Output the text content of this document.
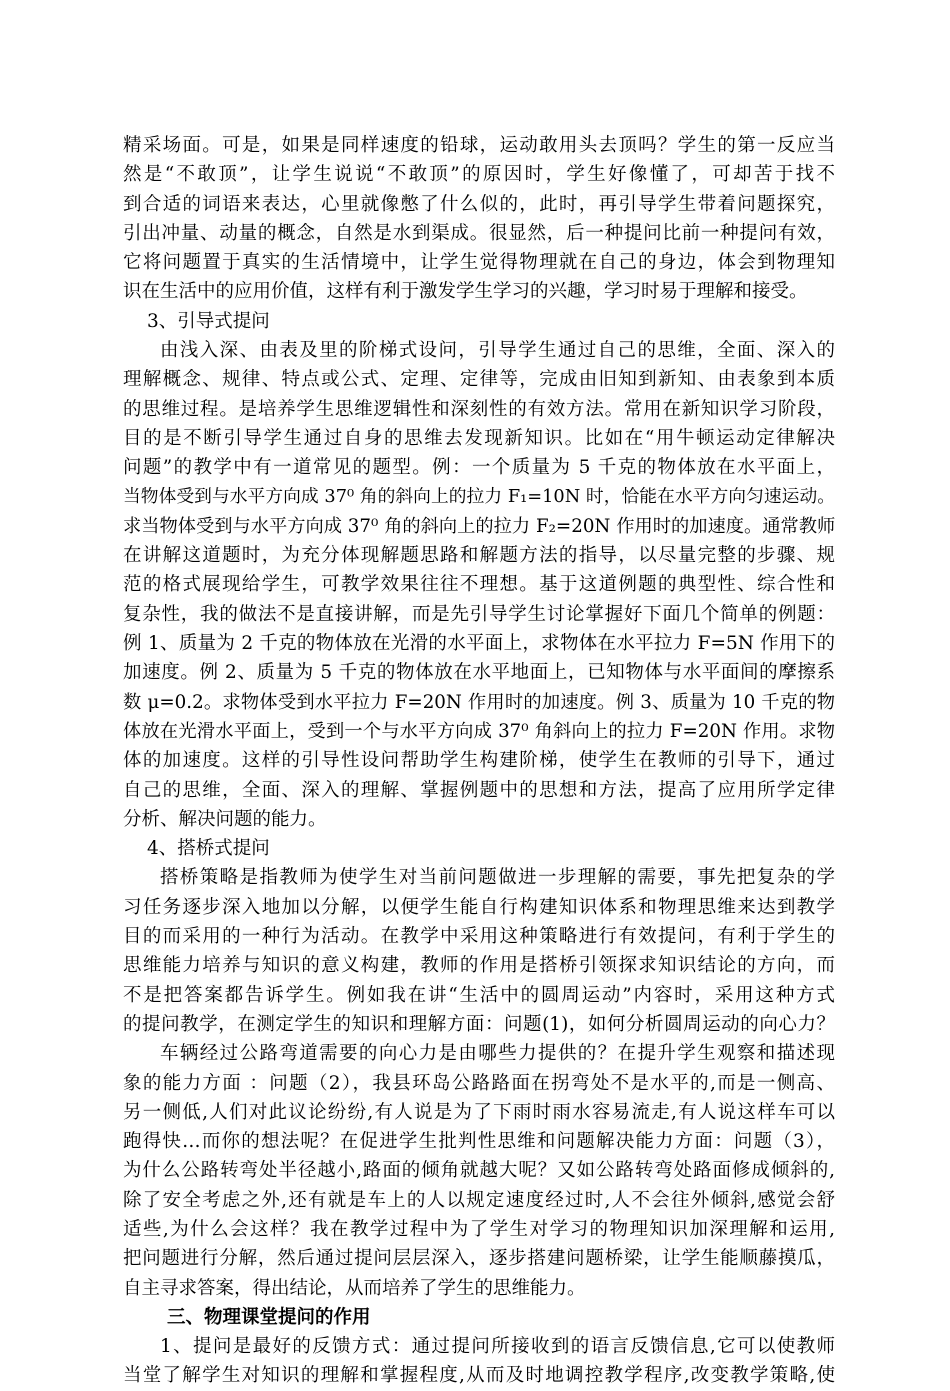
精采场面。可是，如果是同样速度的铅球，运动敢用头去顶吗？学生的第一反应当
然是“不敢顶”，让学生说说“不敢顶”的原因时，学生好像懂了，可却苦于找不
到合适的词语来表达，心里就像憋了什么似的，此时，再引导学生带着问题探究，
引出冲量、动量的概念，自然是水到渠成。很显然，后一种提问比前一种提问有效，
它将问题置于真实的生活情境中，让学生觉得物理就在自己的身边，体会到物理知
识在生活中的应用价值，这样有利于激发学生学习的兴趣，学习时易于理解和接受。
3、引导式提问
由浅入深、由表及里的阶梯式设问，引导学生通过自己的思维，全面、深入的
理解概念、规律、特点或公式、定理、定律等，完成由旧知到新知、由表象到本质
的思维过程。是培养学生思维逻辑性和深刻性的有效方法。常用在新知识学习阶段，
目的是不断引导学生通过自身的思维去发现新知识。比如在“用牛顿运动定律解决
问题”的教学中有一道常见的题型。例：一个质量为 5 千克的物体放在水平面上，
当物体受到与水平方向成 37⁰ 角的斜向上的拉力 F₁=10N 时，恰能在水平方向匀速运动。
求当物体受到与水平方向成 37⁰ 角的斜向上的拉力 F₂=20N 作用时的加速度。通常教师
在讲解这道题时，为充分体现解题思路和解题方法的指导，以尽量完整的步骤、规
范的格式展现给学生，可教学效果往往不理想。基于这道例题的典型性、综合性和
复杂性，我的做法不是直接讲解，而是先引导学生讨论掌握好下面几个简单的例题：
例 1、质量为 2 千克的物体放在光滑的水平面上，求物体在水平拉力 F=5N 作用下的
加速度。例 2、质量为 5 千克的物体放在水平地面上，已知物体与水平面间的摩擦系
数 μ=0.2。求物体受到水平拉力 F=20N 作用时的加速度。例 3、质量为 10 千克的物
体放在光滑水平面上，受到一个与水平方向成 37⁰ 角斜向上的拉力 F=20N 作用。求物
体的加速度。这样的引导性设问帮助学生构建阶梯，使学生在教师的引导下，通过
自己的思维，全面、深入的理解、掌握例题中的思想和方法，提高了应用所学定律
分析、解决问题的能力。
4、搭桥式提问
搭桥策略是指教师为使学生对当前问题做进一步理解的需要，事先把复杂的学
习任务逐步深入地加以分解，以便学生能自行构建知识体系和物理思维来达到教学
目的而采用的一种行为活动。在教学中采用这种策略进行有效提问，有利于学生的
思维能力培养与知识的意义构建，教师的作用是搭桥引领探求知识结论的方向，而
不是把答案都告诉学生。例如我在讲“生活中的圆周运动”内容时，采用这种方式
的提问教学，在测定学生的知识和理解方面：问题(1)，如何分析圆周运动的向心力？
车辆经过公路弯道需要的向心力是由哪些力提供的？在提升学生观察和描述现
象的能力方面 ：问题（2），我县环岛公路路面在拐弯处不是水平的,而是一侧高、
另一侧低,人们对此议论纷纷,有人说是为了下雨时雨水容易流走,有人说这样车可以
跑得快…而你的想法呢？在促进学生批判性思维和问题解决能力方面：问题（3），
为什么公路转弯处半径越小,路面的倾角就越大呢？又如公路转弯处路面修成倾斜的,
除了安全考虑之外,还有就是车上的人以规定速度经过时,人不会往外倾斜,感觉会舒
适些,为什么会这样？我在教学过程中为了学生对学习的物理知识加深理解和运用,
把问题进行分解，然后通过提问层层深入，逐步搭建问题桥梁，让学生能顺藤摸瓜，
自主寻求答案，得出结论，从而培养了学生的思维能力。
三、物理课堂提问的作用
1、提问是最好的反馈方式：通过提问所接收到的语言反馈信息,它可以使教师
当堂了解学生对知识的理解和掌握程度,从而及时地调控教学程序,改变教学策略,使
